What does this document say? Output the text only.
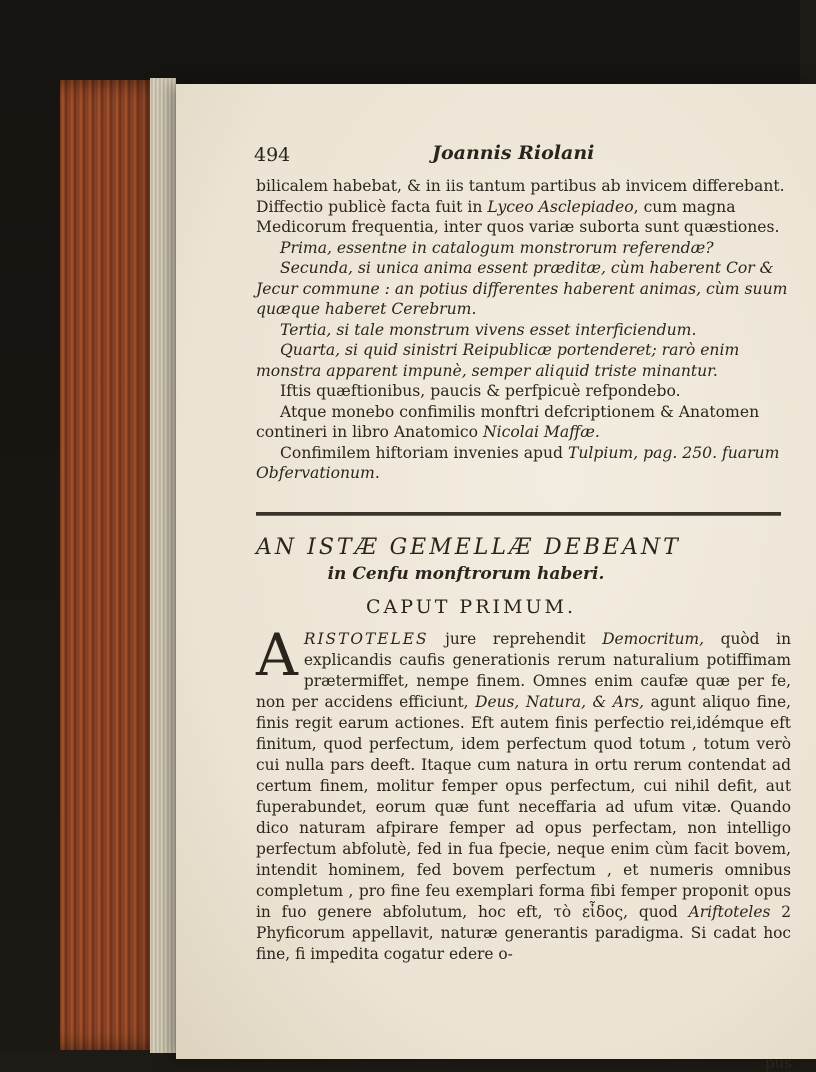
494	Joannis Riolani

bilicalem habebat, & in iis tantum partibus ab invicem differebant. Diffectio publicè facta fuit in Lyceo Asclepiadeo, cum magna Medicorum frequentia, inter quos variæ suborta sunt quæstiones.

Prima, essentne in catalogum monstrorum referendæ?

Secunda, si unica anima essent præditæ, cùm haberent Cor & Jecur commune : an potius differentes haberent animas, cùm suum quæque haberet Cerebrum.

Tertia, si tale monstrum vivens esset interficiendum.

Quarta, si quid sinistri Reipublicæ portenderet; rarò enim monstra apparent impunè, semper aliquid triste minantur.

Iftis quæftionibus, paucis & perfpicuè refpondebo.

Atque monebo confimilis monftri defcriptionem & Anatomen contineri in libro Anatomico Nicolai Maffæ.

Confimilem hiftoriam invenies apud Tulpium, pag. 250. fuarum Obfervationum.

AN ISTÆ GEMELLÆ DEBEANT
in Cenfu monftrorum haberi.
CAPUT PRIMUM.
ARISTOTELES jure reprehendit Democritum, quòd in explicandis caufis generationis rerum naturalium potiffimam prætermiffet, nempe finem. Omnes enim caufæ quæ per fe, non per accidens efficiunt, Deus, Natura, & Ars, agunt aliquo fine, finis regit earum actiones. Eft autem finis perfectio rei,idémque eft finitum, quod perfectum, idem perfectum quod totum , totum verò cui nulla pars deeft. Itaque cum natura in ortu rerum contendat ad certum finem, molitur femper opus perfectum, cui nihil defit, aut fuperabundet, eorum quæ funt neceffaria ad ufum vitæ. Quando dico naturam afpirare femper ad opus perfectam, non intelligo perfectum abfolutè, fed in fua fpecie, neque enim cùm facit bovem, intendit hominem, fed bovem perfectum , et numeris omnibus completum , pro fine feu exemplari forma fibi femper proponit opus in fuo genere abfolutum, hoc eft, τὸ εἶδος, quod Ariftoteles 2 Phyficorum appellavit, naturæ generantis paradigma. Si cadat hoc fine, fi impedita cogatur edere o-
pus
